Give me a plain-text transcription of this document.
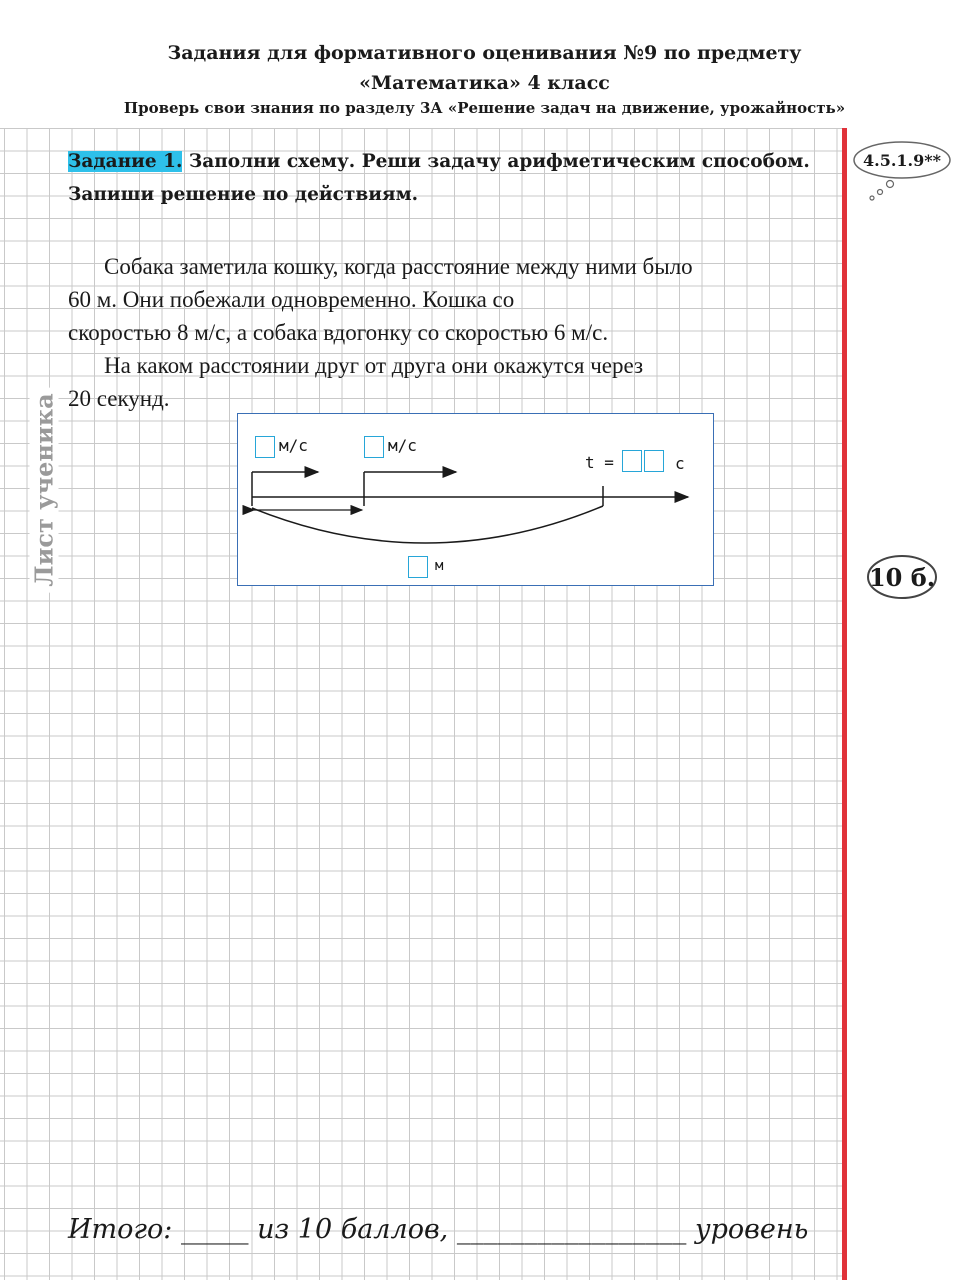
Задания для формативного оценивания №9 по предмету
«Математика» 4 класс
Проверь свои знания по разделу 3А «Решение задач на движение, урожайность»
Лист ученика
Задание 1. Заполни схему. Реши задачу арифметическим способом.
Запиши решение по действиям.

Собака заметила кошку, когда расстояние между ними было

60 м. Они побежали одновременно. Кошка со

скоростью 8 м/с, а собака вдогонку со скоростью 6 м/с.

На каком расстоянии друг от друга они окажутся через

20 секунд.

м/с	м/с
t =	с
м
4.5.1.9**
10 б.
Итого: _____ из 10 баллов, _________________ уровень
